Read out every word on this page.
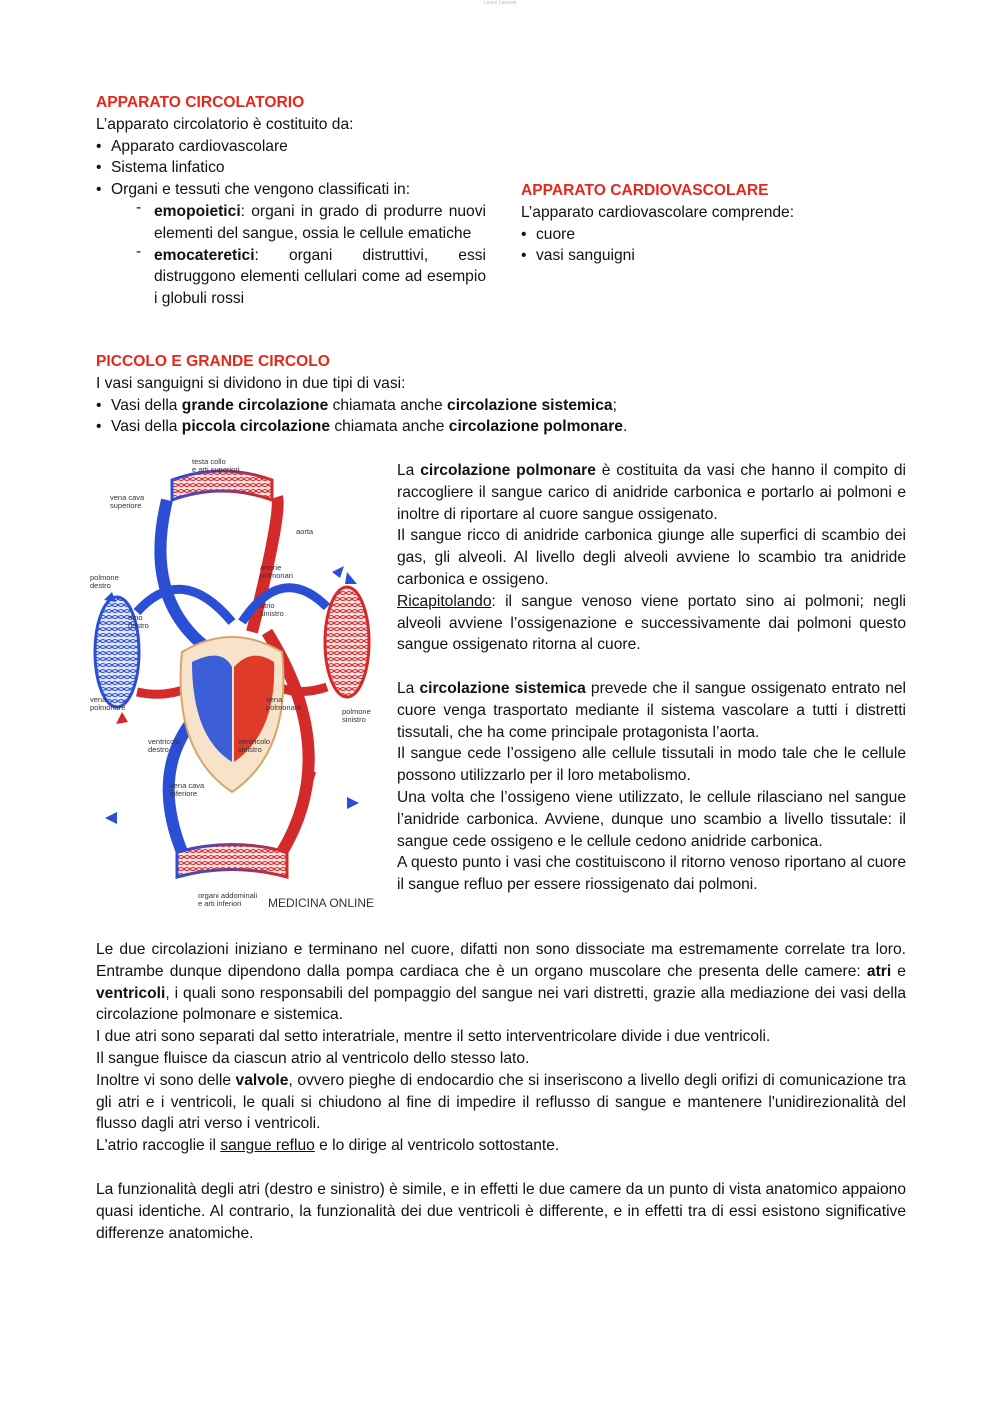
Leone Lanzoni
APPARATO CIRCOLATORIO
L’apparato circolatorio è costituito da:
• Apparato cardiovascolare
• Sistema linfatico
• Organi e tessuti che vengono classificati in:
- emopoietici: organi in grado di produrre nuovi elementi del sangue, ossia le cellule ematiche
- emocateretici: organi distruttivi, essi distruggono elementi cellulari come ad esempio i globuli rossi
APPARATO CARDIOVASCOLARE
L’apparato cardiovascolare comprende:
• cuore
• vasi sanguigni
PICCOLO E GRANDE CIRCOLO
I vasi sanguigni si dividono in due tipi di vasi:
• Vasi della grande circolazione chiamata anche circolazione sistemica;
• Vasi della piccola circolazione chiamata anche circolazione polmonare.
testa collo
e arti superiori
vena cava
superiore
aorta
arterie
polmonari
polmone
destro
atrio
sinistro
atrio
destro
vena
polmonare
vena
polmonare	polmone
sinistro
ventricolo
destro
ventricolo
sinistro
vena cava
inferiore
organi addominali
e arti inferiori MEDICINA ONLINE

La circolazione polmonare è costituita da vasi che hanno il compito di raccogliere il sangue carico di anidride carbonica e portarlo ai polmoni e inoltre di riportare al cuore sangue ossigenato.

Il sangue ricco di anidride carbonica giunge alle superfici di scambio dei gas, gli alveoli. Al livello degli alveoli avviene lo scambio tra anidride carbonica e ossigeno.

Ricapitolando: il sangue venoso viene portato sino ai polmoni; negli alveoli avviene l’ossigenazione e successivamente dai polmoni questo sangue ossigenato ritorna al cuore.

La circolazione sistemica prevede che il sangue ossigenato entrato nel cuore venga trasportato mediante il sistema vascolare a tutti i distretti tissutali, che ha come principale protagonista l’aorta.

Il sangue cede l’ossigeno alle cellule tissutali in modo tale che le cellule possono utilizzarlo per il loro metabolismo.

Una volta che l’ossigeno viene utilizzato, le cellule rilasciano nel sangue l’anidride carbonica. Avviene, dunque uno scambio a livello tissutale: il sangue cede ossigeno e le cellule cedono anidride carbonica.

A questo punto i vasi che costituiscono il ritorno venoso riportano al cuore il sangue refluo per essere riossigenato dai polmoni.

Le due circolazioni iniziano e terminano nel cuore, difatti non sono dissociate ma estremamente correlate tra loro. Entrambe dunque dipendono dalla pompa cardiaca che è un organo muscolare che presenta delle camere: atri e ventricoli, i quali sono responsabili del pompaggio del sangue nei vari distretti, grazie alla mediazione dei vasi della circolazione polmonare e sistemica.

I due atri sono separati dal setto interatriale, mentre il setto interventricolare divide i due ventricoli.

Il sangue fluisce da ciascun atrio al ventricolo dello stesso lato.

Inoltre vi sono delle valvole, ovvero pieghe di endocardio che si inseriscono a livello degli orifizi di comunicazione tra gli atri e i ventricoli, le quali si chiudono al fine di impedire il reflusso di sangue e mantenere l'unidirezionalità del flusso dagli atri verso i ventricoli.

L'atrio raccoglie il sangue refluo e lo dirige al ventricolo sottostante.

La funzionalità degli atri (destro e sinistro) è simile, e in effetti le due camere da un punto di vista anatomico appaiono quasi identiche. Al contrario, la funzionalità dei due ventricoli è differente, e in effetti tra di essi esistono significative differenze anatomiche.
